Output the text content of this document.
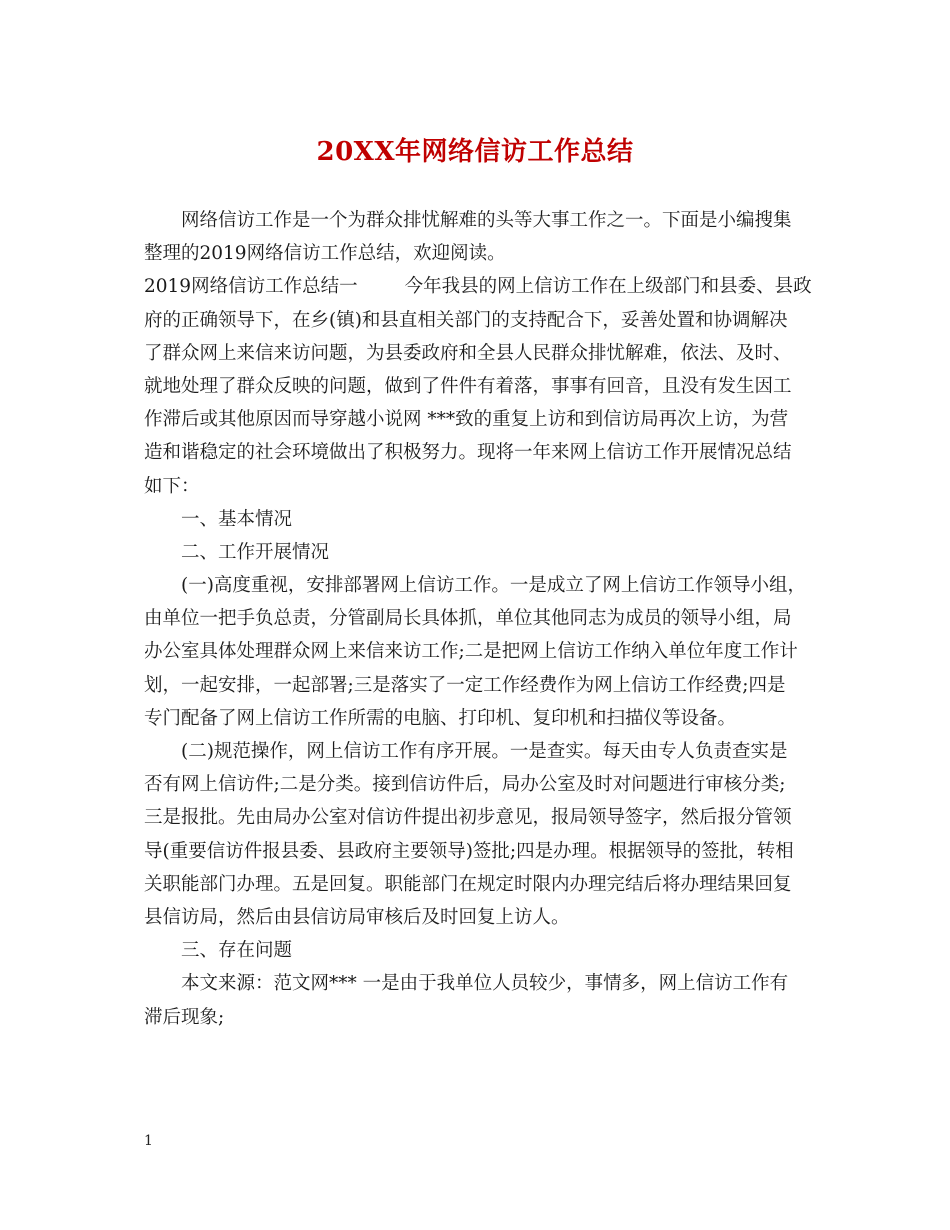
20XX年网络信访工作总结
网络信访工作是一个为群众排忧解难的头等大事工作之一。下面是小编搜集
整理的2019网络信访工作总结，欢迎阅读。
2019网络信访工作总结一        今年我县的网上信访工作在上级部门和县委、县政
府的正确领导下，在乡(镇)和县直相关部门的支持配合下，妥善处置和协调解决
了群众网上来信来访问题，为县委政府和全县人民群众排忧解难，依法、及时、
就地处理了群众反映的问题，做到了件件有着落，事事有回音，且没有发生因工
作滞后或其他原因而导穿越小说网 ***致的重复上访和到信访局再次上访，为营
造和谐稳定的社会环境做出了积极努力。现将一年来网上信访工作开展情况总结
如下：
一、基本情况
二、工作开展情况
(一)高度重视，安排部署网上信访工作。一是成立了网上信访工作领导小组，
由单位一把手负总责，分管副局长具体抓，单位其他同志为成员的领导小组，局
办公室具体处理群众网上来信来访工作;二是把网上信访工作纳入单位年度工作计
划，一起安排，一起部署;三是落实了一定工作经费作为网上信访工作经费;四是
专门配备了网上信访工作所需的电脑、打印机、复印机和扫描仪等设备。
(二)规范操作，网上信访工作有序开展。一是查实。每天由专人负责查实是
否有网上信访件;二是分类。接到信访件后，局办公室及时对问题进行审核分类;
三是报批。先由局办公室对信访件提出初步意见，报局领导签字，然后报分管领
导(重要信访件报县委、县政府主要领导)签批;四是办理。根据领导的签批，转相
关职能部门办理。五是回复。职能部门在规定时限内办理完结后将办理结果回复
县信访局，然后由县信访局审核后及时回复上访人。
三、存在问题
本文来源：范文网*** 一是由于我单位人员较少，事情多，网上信访工作有
滞后现象;
1
